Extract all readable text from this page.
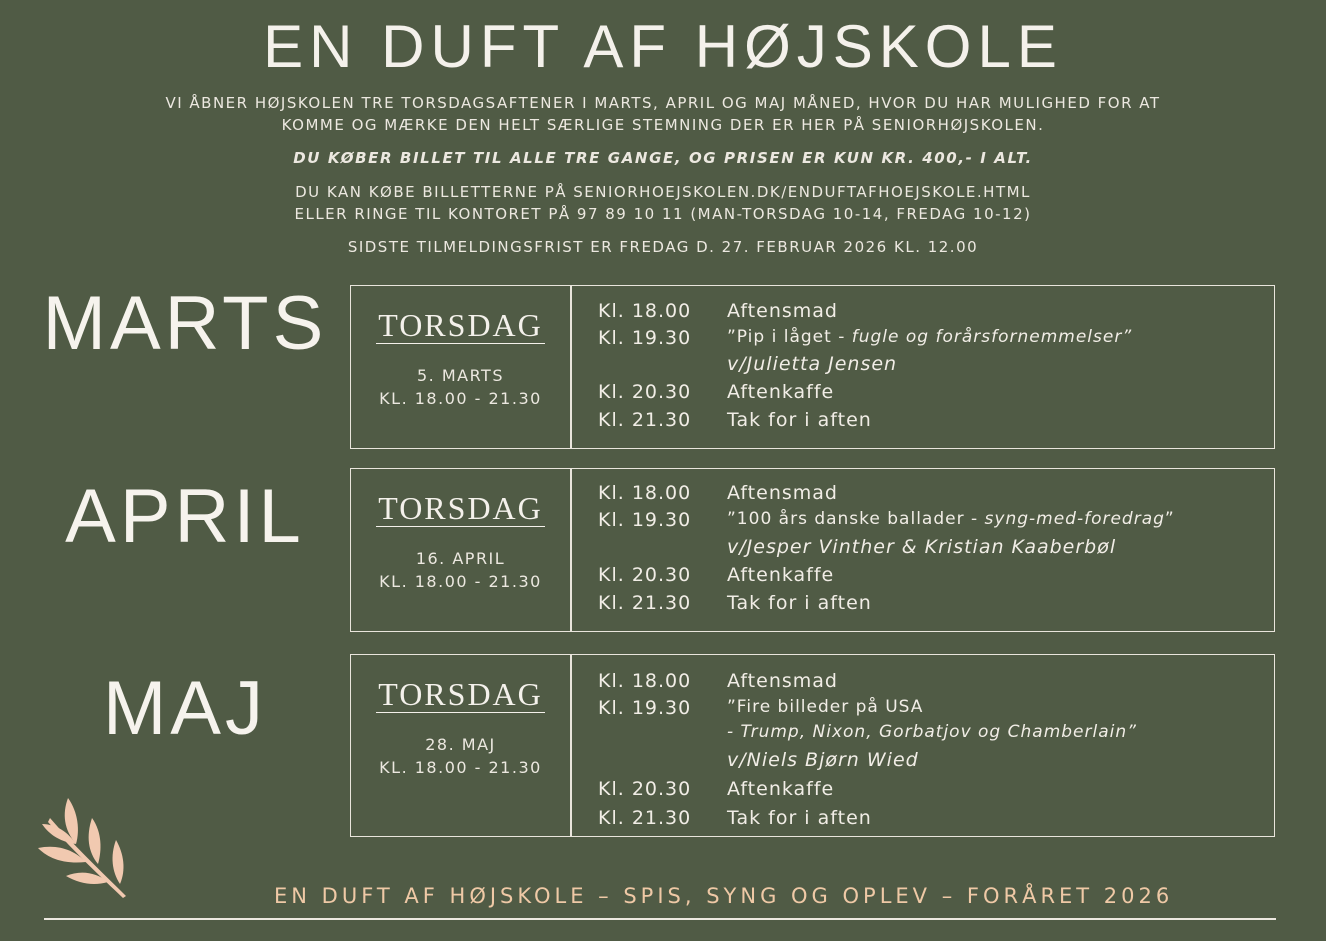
EN DUFT AF HØJSKOLE
VI ÅBNER HØJSKOLEN TRE TORSDAGSAFTENER I MARTS, APRIL OG MAJ MÅNED, HVOR DU HAR MULIGHED FOR AT
KOMME OG MÆRKE DEN HELT SÆRLIGE STEMNING DER ER HER PÅ SENIORHØJSKOLEN.
DU KØBER BILLET TIL ALLE TRE GANGE, OG PRISEN ER KUN KR. 400,- I ALT.
DU KAN KØBE BILLETTERNE PÅ SENIORHOEJSKOLEN.DK/ENDUFTAFHOEJSKOLE.HTML
ELLER RINGE TIL KONTORET PÅ 97 89 10 11 (MAN-TORSDAG 10-14, FREDAG 10-12)
SIDSTE TILMELDINGSFRIST ER FREDAG D. 27. FEBRUAR 2026 KL. 12.00
MARTS	TORSDAG
5. MARTS
KL. 18.00 - 21.30
Kl. 18.00	Aftensmad
Kl. 19.30	”Pip i låget - fugle og forårsfornemmelser”
v/Julietta Jensen
Kl. 20.30	Aftenkaffe
Kl. 21.30	Tak for i aften
APRIL	TORSDAG
16. APRIL
KL. 18.00 - 21.30
Kl. 18.00	Aftensmad
Kl. 19.30	”100 års danske ballader - syng-med-foredrag”
v/Jesper Vinther & Kristian Kaaberbøl
Kl. 20.30	Aftenkaffe
Kl. 21.30	Tak for i aften
MAJ	TORSDAG
28. MAJ
KL. 18.00 - 21.30
Kl. 18.00	Aftensmad
Kl. 19.30	”Fire billeder på USA
- Trump, Nixon, Gorbatjov og Chamberlain”
v/Niels Bjørn Wied
Kl. 20.30	Aftenkaffe
Kl. 21.30	Tak for i aften
EN DUFT AF HØJSKOLE – SPIS, SYNG OG OPLEV – FORÅRET 2026
